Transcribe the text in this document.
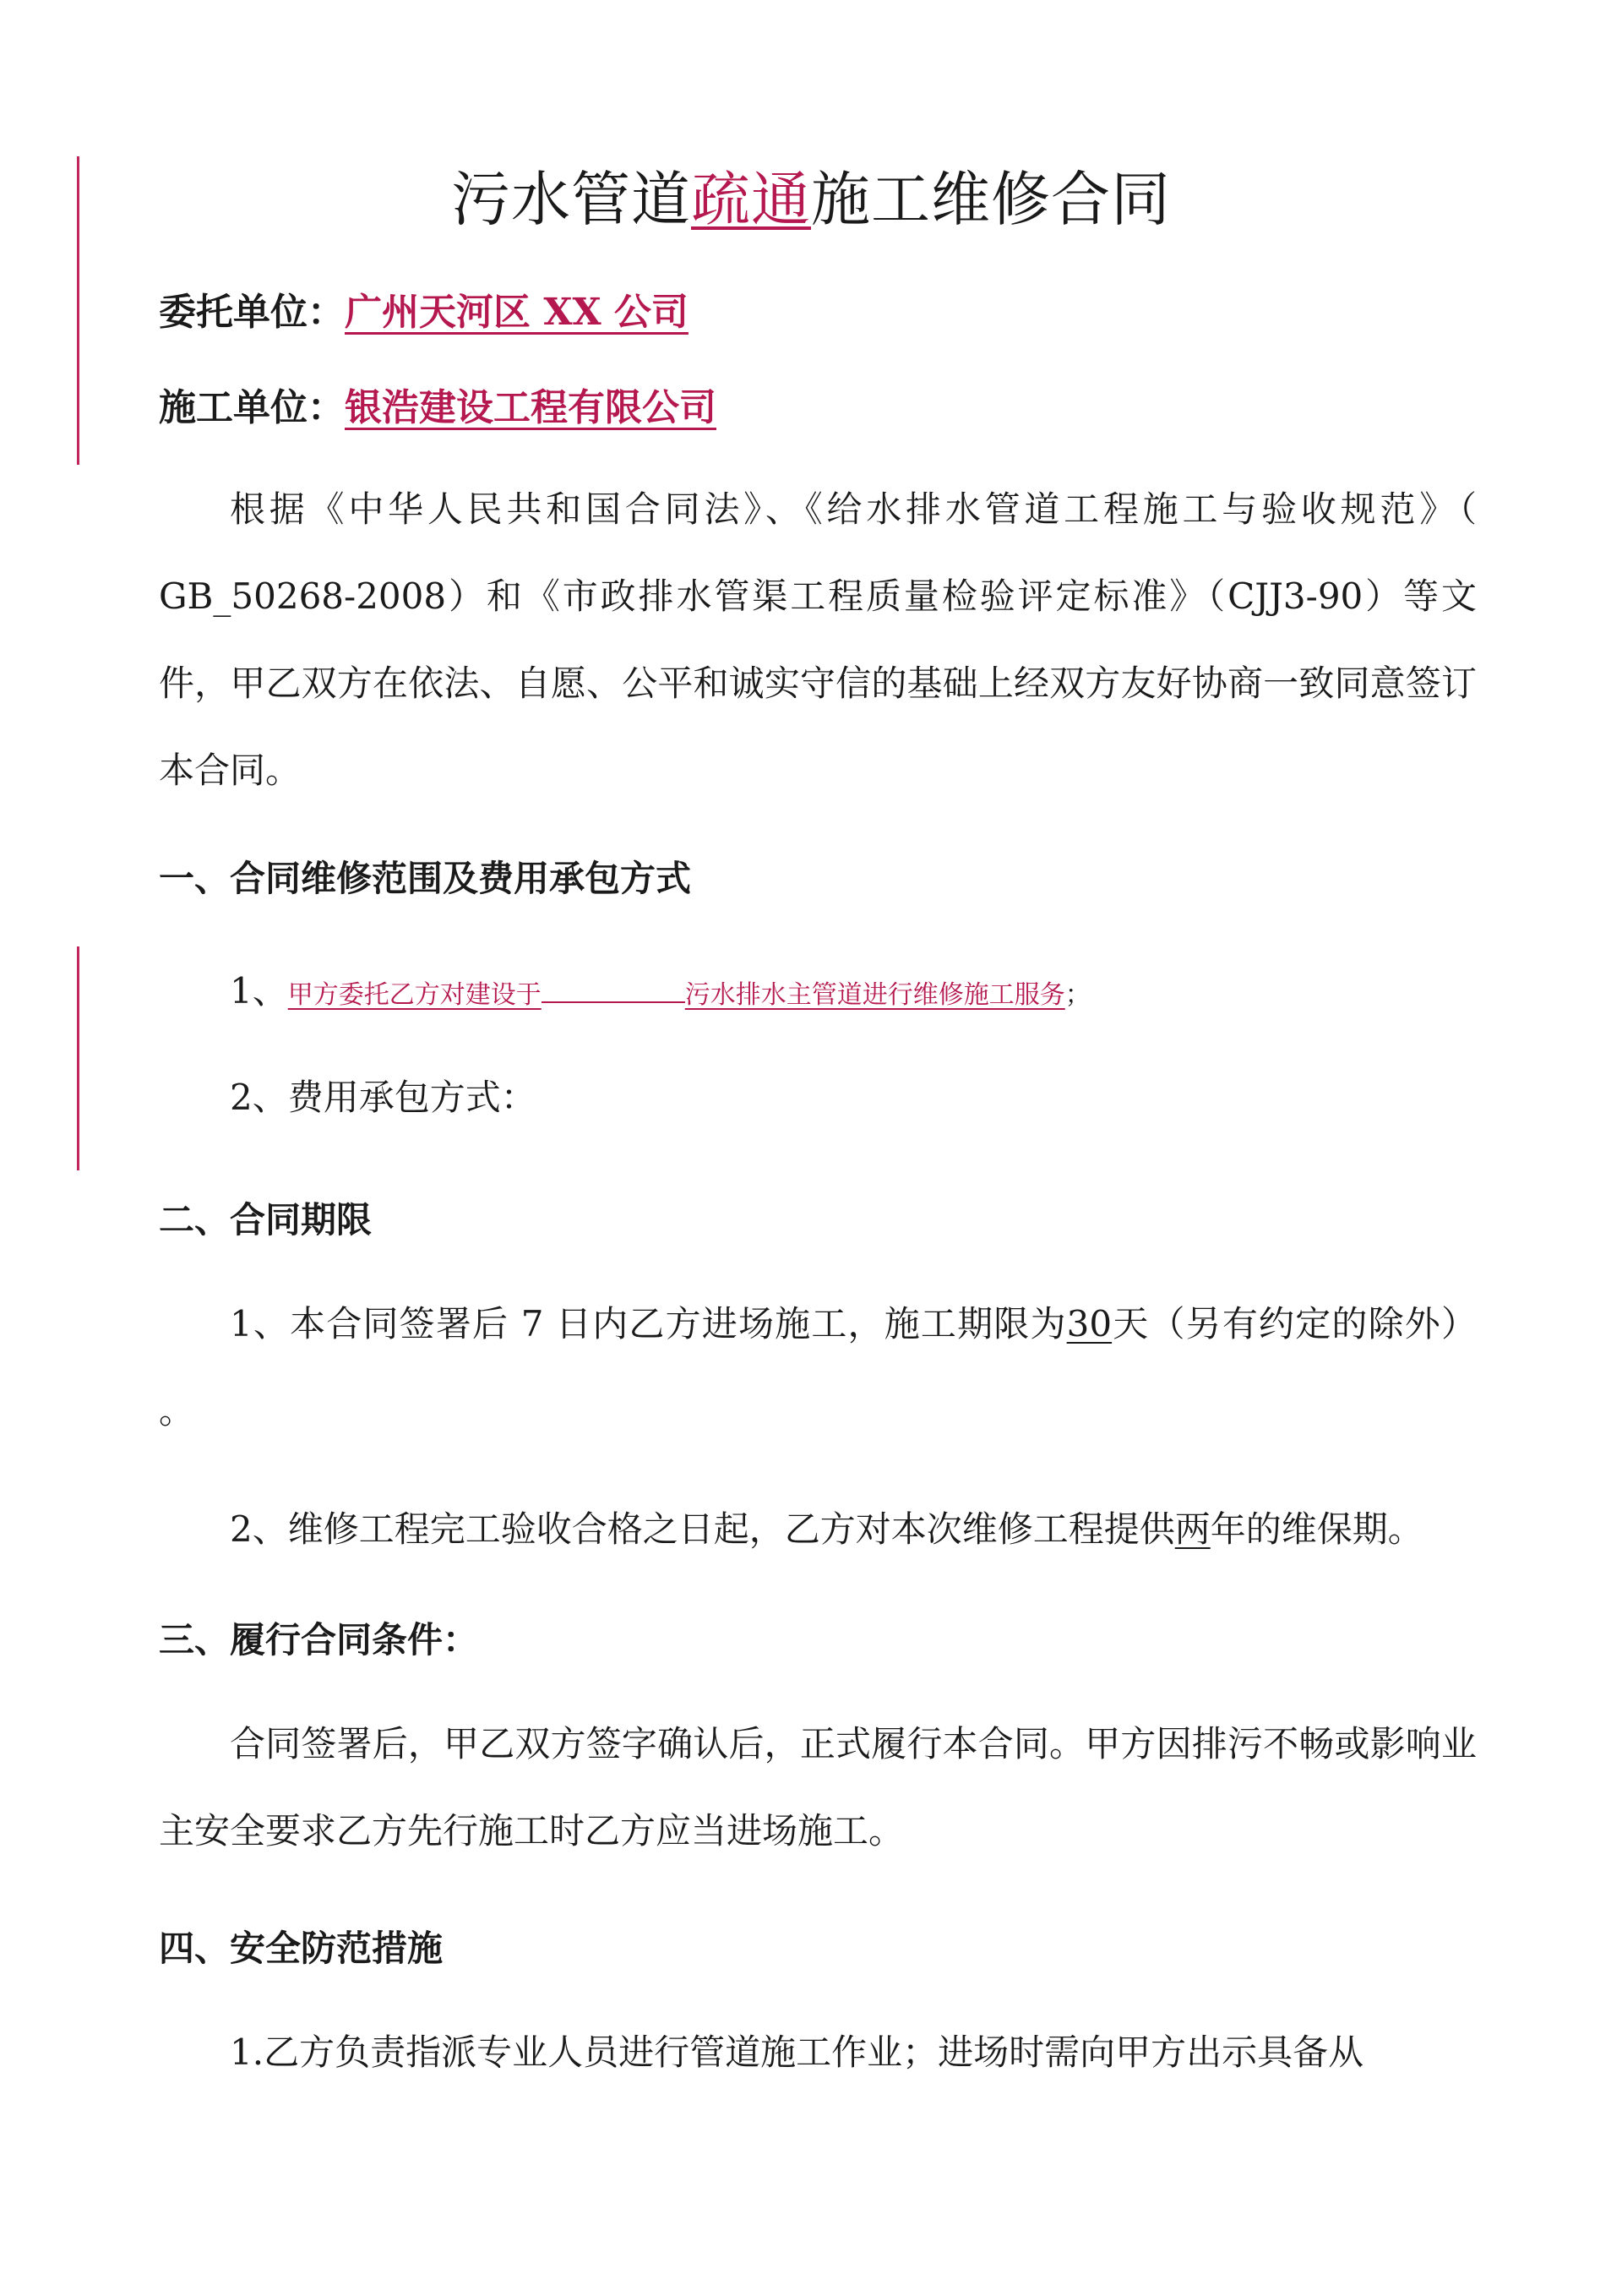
污水管道疏通施工维修合同
委托单位：广州天河区 XX 公司
施工单位：银浩建设工程有限公司

根据《中华人民共和国合同法》、《给水排水管道工程施工与验收规范》（ GB_50268-2008）和《市政排水管渠工程质量检验评定标准》（CJJ3-90）等文件，甲乙双方在依法、自愿、公平和诚实守信的基础上经双方友好协商一致同意签订本合同。

一、合同维修范围及费用承包方式
1、甲方委托乙方对建设于	污水排水主管道进行维修施工服务；
2、费用承包方式：
二、合同期限

1、本合同签署后 7 日内乙方进场施工，施工期限为30天（另有约定的除外） 。

2、维修工程完工验收合格之日起，乙方对本次维修工程提供两年的维保期。

三、履行合同条件：

合同签署后，甲乙双方签字确认后，正式履行本合同。甲方因排污不畅或影响业主安全要求乙方先行施工时乙方应当进场施工。

四、安全防范措施

1.乙方负责指派专业人员进行管道施工作业；进场时需向甲方出示具备从
